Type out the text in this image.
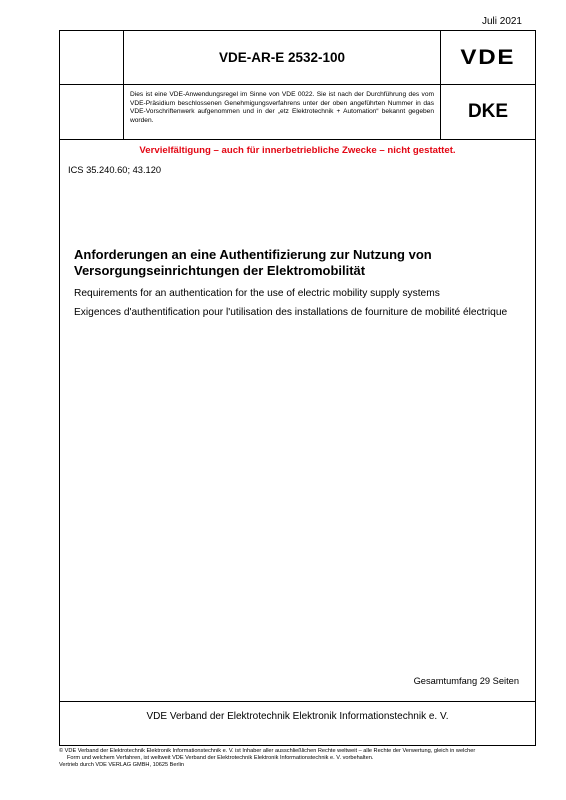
Juli 2021
VDE-AR-E 2532-100	VDE
Dies ist eine VDE-Anwendungsregel im Sinne von VDE 0022. Sie ist nach der Durchführung des vom VDE-Präsidium beschlossenen Genehmigungsverfahrens unter der oben angeführten Nummer in das VDE-Vorschriftenwerk aufgenommen und in der „etz Elektrotechnik + Automation“ bekannt gegeben worden.	DKE
Vervielfältigung – auch für innerbetriebliche Zwecke – nicht gestattet.
ICS 35.240.60; 43.120

Anforderungen an eine Authentifizierung zur Nutzung von Versorgungseinrichtungen der Elektromobilität

Requirements for an authentication for the use of electric mobility supply systems

Exigences d'authentification pour l'utilisation des installations de fourniture de mobilité électrique

Gesamtumfang 29 Seiten
VDE Verband der Elektrotechnik Elektronik Informationstechnik e. V.

© VDE Verband der Elektrotechnik Elektronik Informationstechnik e. V. ist Inhaber aller ausschließlichen Rechte weltweit – alle Rechte der Verwertung, gleich in welcher

Form und welchem Verfahren, ist weltweit VDE Verband der Elektrotechnik Elektronik Informationstechnik e. V. vorbehalten.

Vertrieb durch VDE VERLAG GMBH, 10625 Berlin
